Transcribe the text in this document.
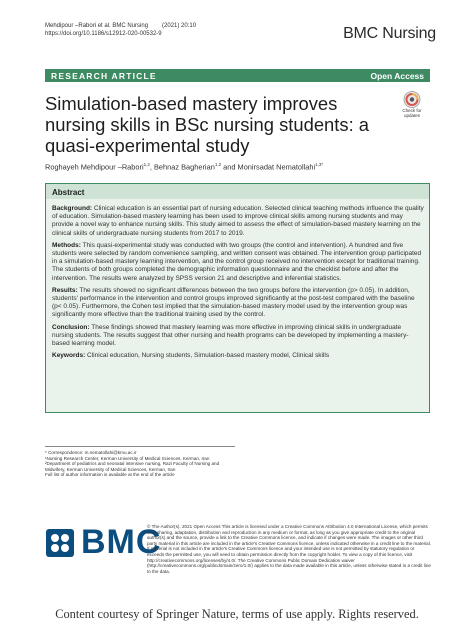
Mehdipour –Rabori et al. BMC Nursing (2021) 20:10
https://doi.org/10.1186/s12912-020-00532-9	BMC Nursing
RESEARCH ARTICLE	Open Access
Simulation-based mastery improves nursing skills in BSc nursing students: a quasi-experimental study
Check for updates
Roghayeh Mehdipour –Rabori$^{1,2}$, Behnaz Bagherian$^{1,2}$ and Monirsadat Nematollahi$^{1,3*}$
Abstract

Background: Clinical education is an essential part of nursing education. Selected clinical teaching methods influence the quality of education. Simulation-based mastery learning has been used to improve clinical skills among nursing students and may provide a novel way to enhance nursing skills. This study aimed to assess the effect of simulation-based mastery learning on the clinical skills of undergraduate nursing students from 2017 to 2019.

Methods: This quasi-experimental study was conducted with two groups (the control and intervention). A hundred and five students were selected by random convenience sampling, and written consent was obtained. The intervention group participated in a simulation-based mastery learning intervention, and the control group received no intervention except for traditional training. The students of both groups completed the demographic information questionnaire and the checklist before and after the intervention. The results were analyzed by SPSS version 21 and descriptive and inferential statistics.

Results: The results showed no significant differences between the two groups before the intervention (p> 0.05). In addition, students' performance in the intervention and control groups improved significantly at the post-test compared with the baseline (p< 0.05). Furthermore, the Cohen test implied that the simulation-based mastery model used by the intervention group was significantly more effective than the traditional training used by the control.

Conclusion: These findings showed that mastery learning was more effective in improving clinical skills in undergraduate nursing students. The results suggest that other nursing and health programs can be developed by implementing a mastery-based learning model.

Keywords: Clinical education, Nursing students, Simulation-based mastery model, Clinical skills

* Correspondence: m.nematollahi@kmu.ac.ir

¹Nursing Research Center, Kerman University of Medical Sciences, Kerman, Iran

²Department of pediatrics and neonatal intensive nursing, Razi Faculty of Nursing and Midwifery, Kerman University of Medical Sciences, Kerman, Iran

Full list of author information is available at the end of the article

BMC
© The Author(s). 2021 Open Access This article is licensed under a Creative Commons Attribution 4.0 International License, which permits use, sharing, adaptation, distribution and reproduction in any medium or format, as long as you give appropriate credit to the original author(s) and the source, provide a link to the Creative Commons licence, and indicate if changes were made. The images or other third party material in this article are included in the article's Creative Commons licence, unless indicated otherwise in a credit line to the material. If material is not included in the article's Creative Commons licence and your intended use is not permitted by statutory regulation or exceeds the permitted use, you will need to obtain permission directly from the copyright holder. To view a copy of this licence, visit http://creativecommons.org/licenses/by/4.0/. The Creative Commons Public Domain Dedication waiver (http://creativecommons.org/publicdomain/zero/1.0/) applies to the data made available in this article, unless otherwise stated in a credit line to the data.
Content courtesy of Springer Nature, terms of use apply. Rights reserved.
